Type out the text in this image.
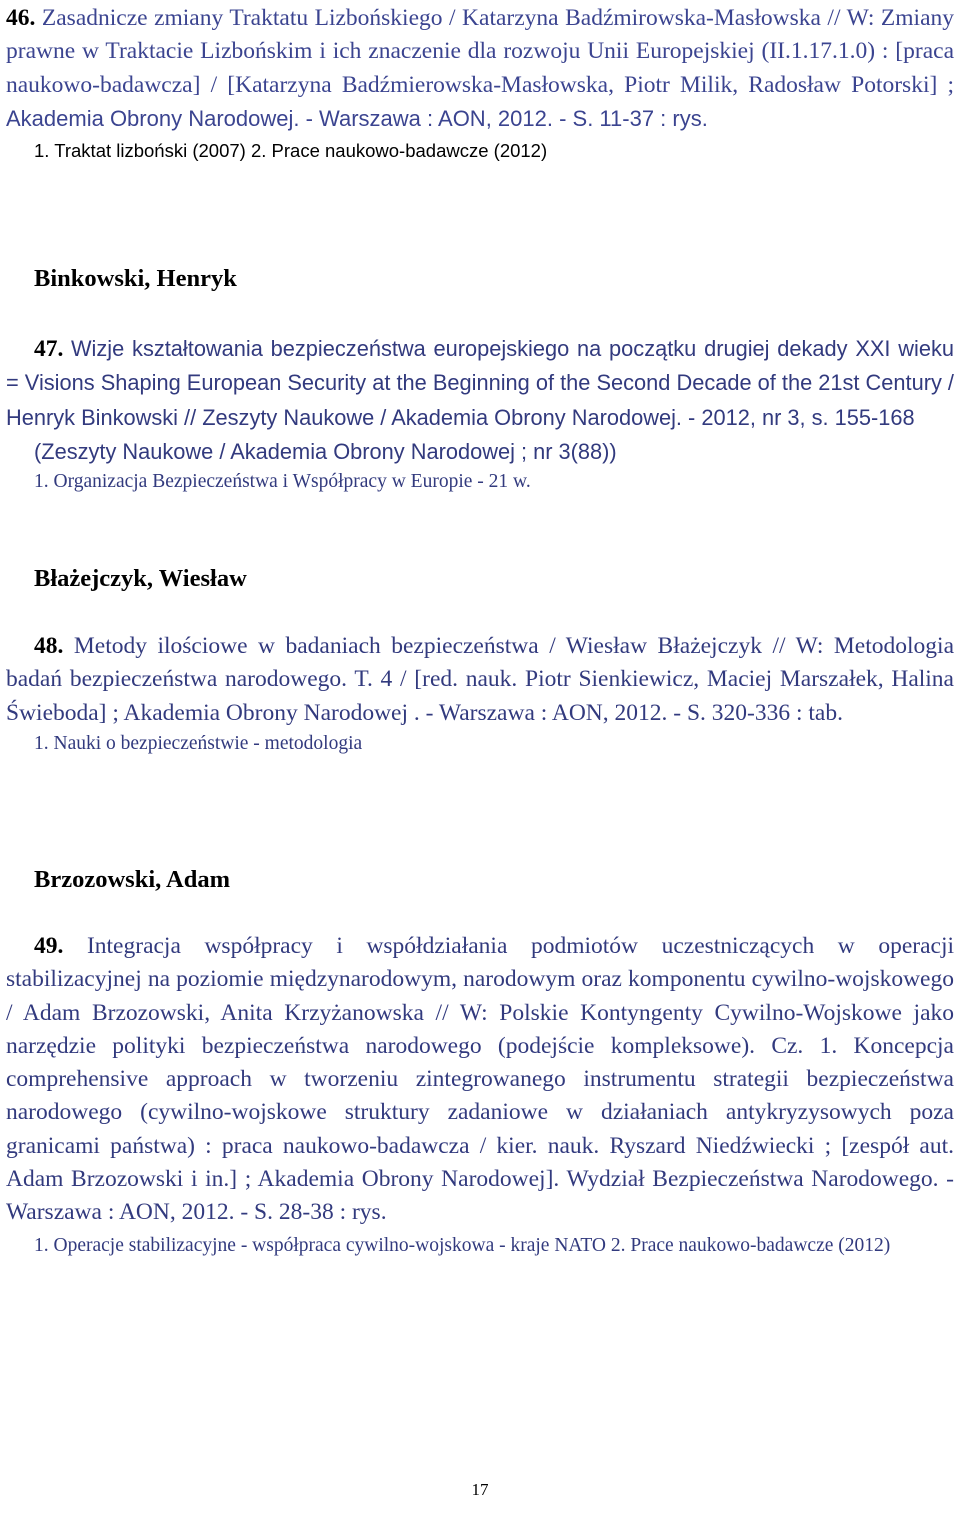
46. Zasadnicze zmiany Traktatu Lizbońskiego / Katarzyna Badźmirowska-Masłowska // W: Zmiany prawne w Traktacie Lizbońskim i ich znaczenie dla rozwoju Unii Europejskiej (II.1.17.1.0) : [praca naukowo-badawcza] / [Katarzyna Badźmierowska-Masłowska, Piotr Milik, Radosław Potorski] ; Akademia Obrony Narodowej. - Warszawa : AON, 2012. - S. 11-37 : rys.

1. Traktat lizboński (2007) 2. Prace naukowo-badawcze (2012)

Binkowski, Henryk

47. Wizje kształtowania bezpieczeństwa europejskiego na początku drugiej dekady XXI wieku = Visions Shaping European Security at the Beginning of the Second Decade of the 21st Century / Henryk Binkowski // Zeszyty Naukowe / Akademia Obrony Narodowej. - 2012, nr 3, s. 155-168

(Zeszyty Naukowe / Akademia Obrony Narodowej ; nr 3(88))

1. Organizacja Bezpieczeństwa i Współpracy w Europie - 21 w.

Błażejczyk, Wiesław

48. Metody ilościowe w badaniach bezpieczeństwa / Wiesław Błażejczyk // W: Metodologia badań bezpieczeństwa narodowego. T. 4 / [red. nauk. Piotr Sienkiewicz, Maciej Marszałek, Halina Świeboda] ; Akademia Obrony Narodowej . - Warszawa : AON, 2012. - S. 320-336 : tab.

1. Nauki o bezpieczeństwie - metodologia

Brzozowski, Adam

49. Integracja współpracy i współdziałania podmiotów uczestniczących w operacji stabilizacyjnej na poziomie międzynarodowym, narodowym oraz komponentu cywilno-wojskowego / Adam Brzozowski, Anita Krzyżanowska // W: Polskie Kontyngenty Cywilno-Wojskowe jako narzędzie polityki bezpieczeństwa narodowego (podejście kompleksowe). Cz. 1. Koncepcja comprehensive approach w tworzeniu zintegrowanego instrumentu strategii bezpieczeństwa narodowego (cywilno-wojskowe struktury zadaniowe w działaniach antykryzysowych poza granicami państwa) : praca naukowo-badawcza / kier. nauk. Ryszard Niedźwiecki ; [zespół aut. Adam Brzozowski i in.] ; Akademia Obrony Narodowej]. Wydział Bezpieczeństwa Narodowego. - Warszawa : AON, 2012. - S. 28-38 : rys.

1. Operacje stabilizacyjne - współpraca cywilno-wojskowa - kraje NATO 2. Prace naukowo-badawcze (2012)

17
